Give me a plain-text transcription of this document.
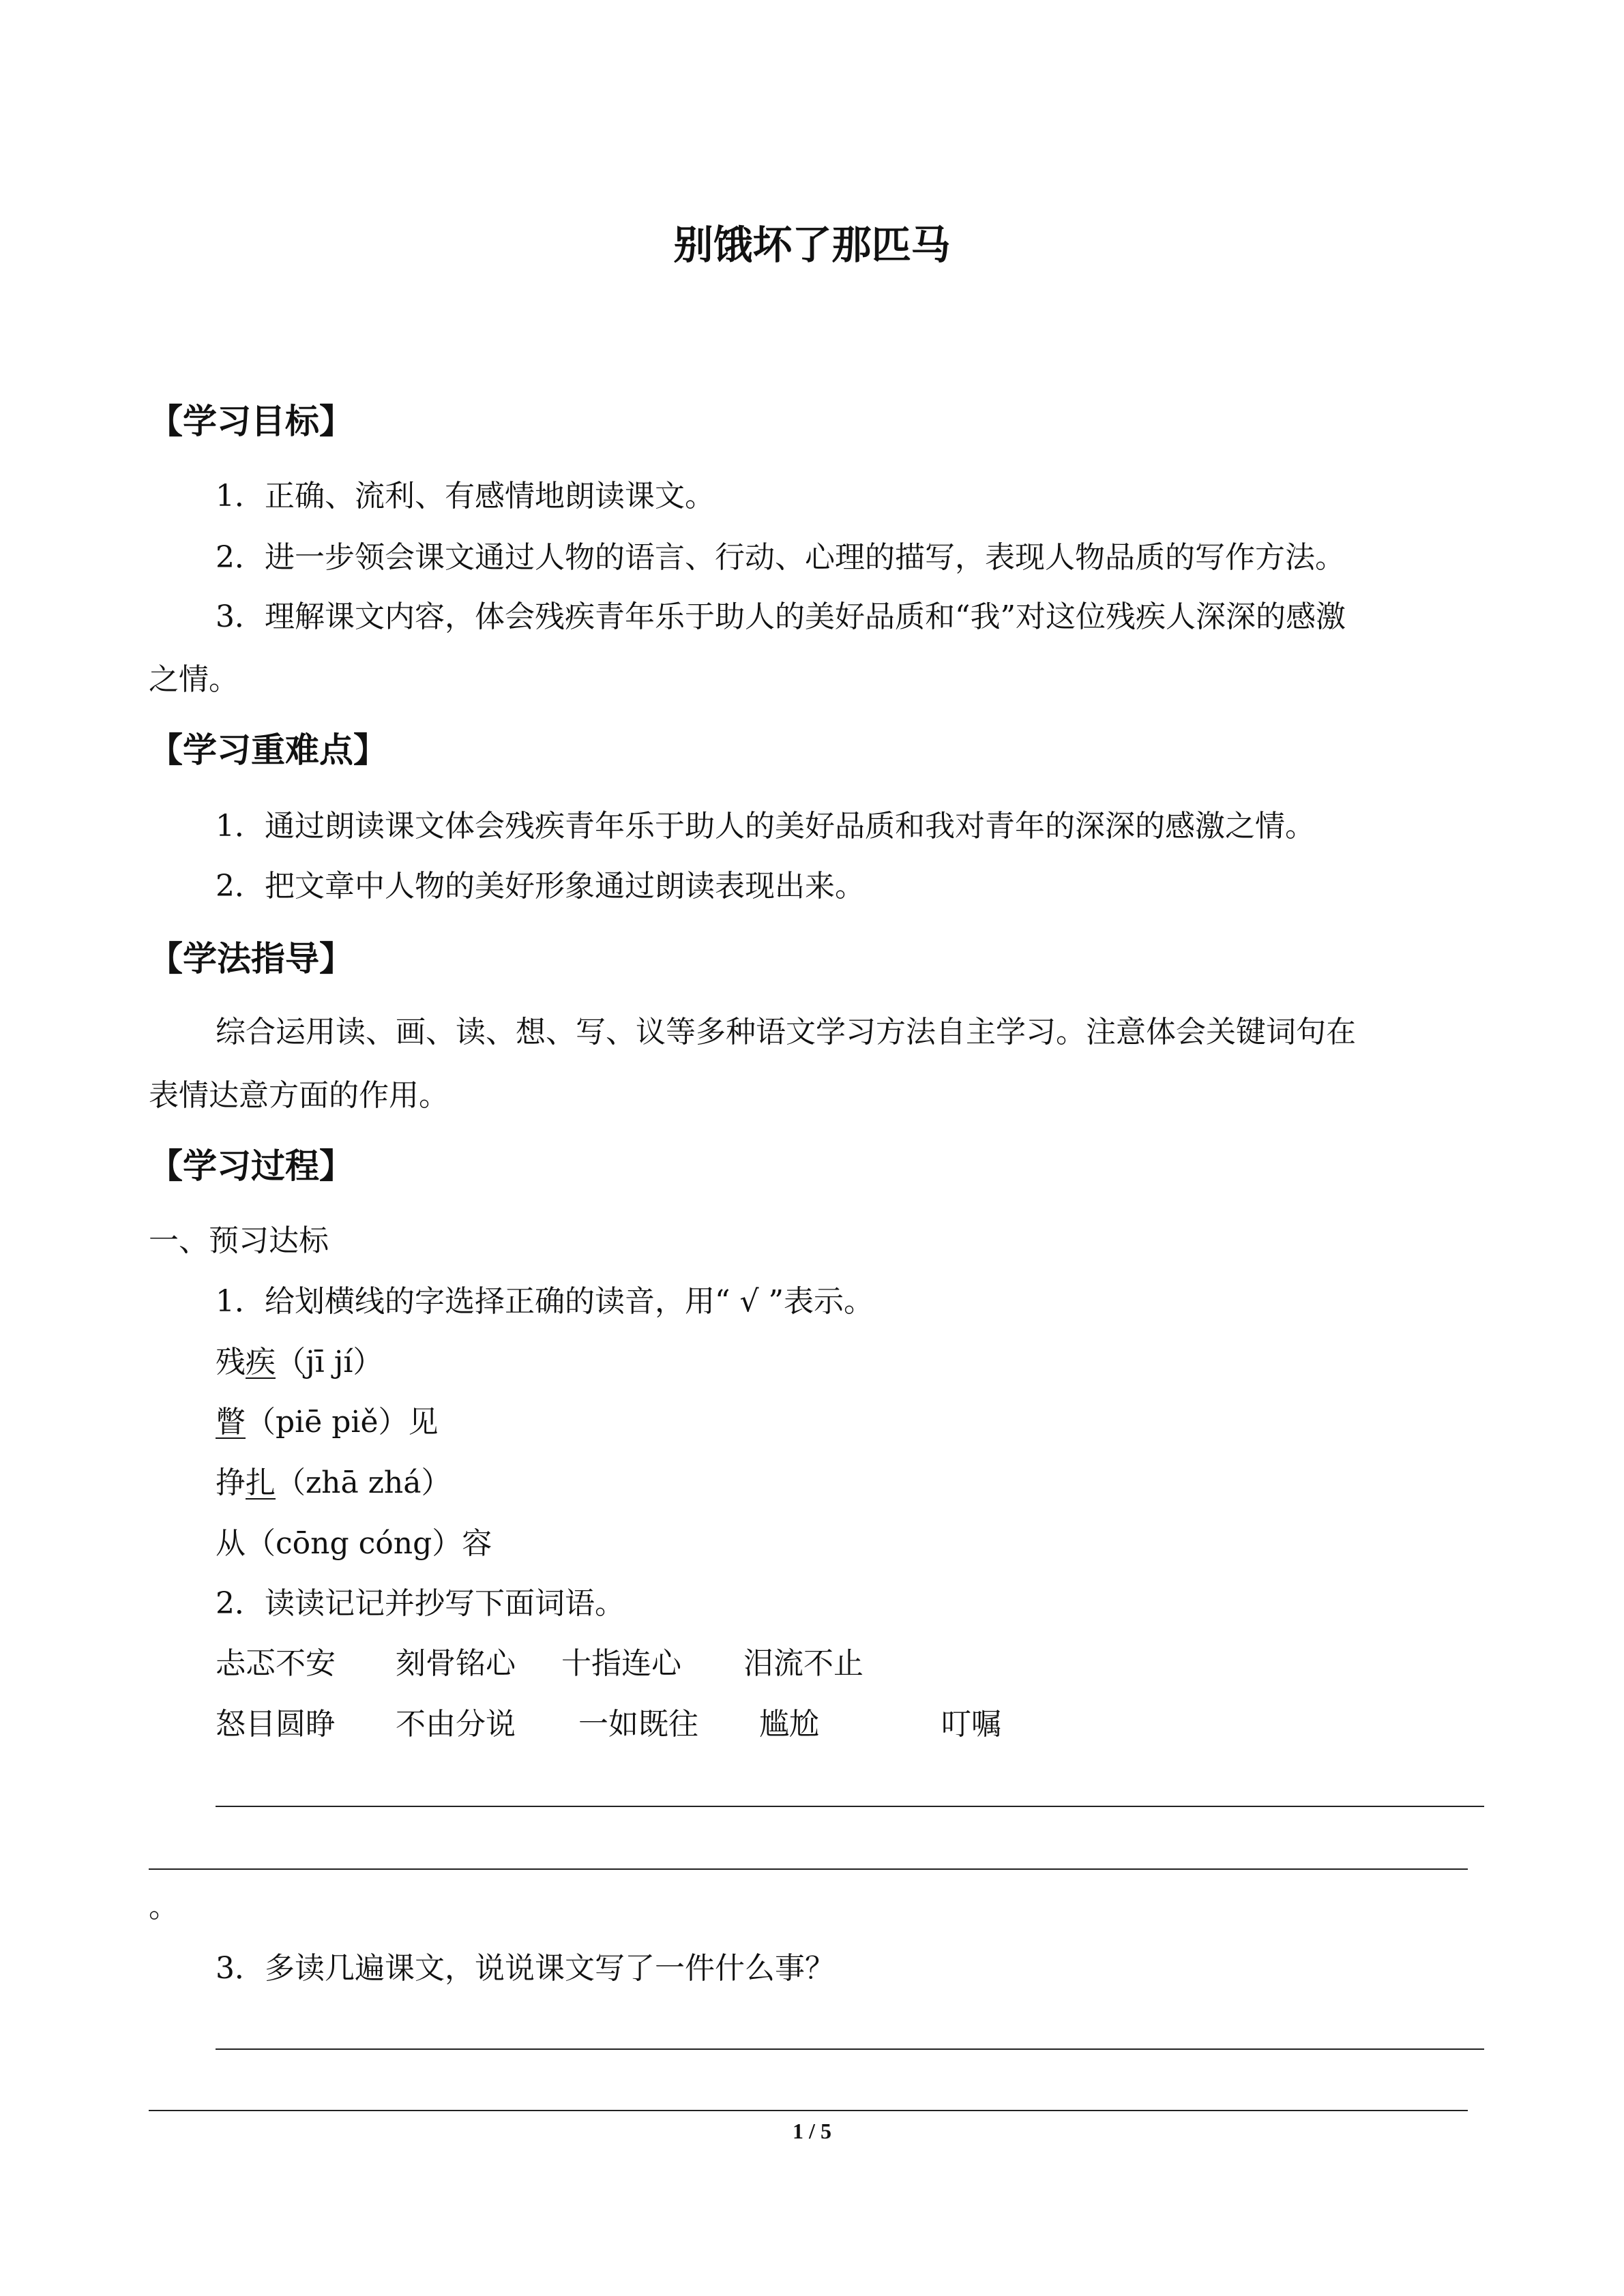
别饿坏了那匹马
【学习目标】
1．正确、流利、有感情地朗读课文。
2．进一步领会课文通过人物的语言、行动、心理的描写，表现人物品质的写作方法。
3．理解课文内容，体会残疾青年乐于助人的美好品质和“我”对这位残疾人深深的感激
之情。
【学习重难点】
1．通过朗读课文体会残疾青年乐于助人的美好品质和我对青年的深深的感激之情。
2．把文章中人物的美好形象通过朗读表现出来。
【学法指导】
综合运用读、画、读、想、写、议等多种语文学习方法自主学习。注意体会关键词句在
表情达意方面的作用。
【学习过程】
一、预习达标
1．给划横线的字选择正确的读音，用“ √ ”表示。
残疾（jī jí）
瞥（piē piě）见
挣扎（zhā zhá）
从（cōng cóng）容
2．读读记记并抄写下面词语。
忐忑不安 刻骨铭心 十指连心 泪流不止
怒目圆睁 不由分说 一如既往 尴尬	叮嘱
。
3．多读几遍课文，说说课文写了一件什么事？
1 / 5
